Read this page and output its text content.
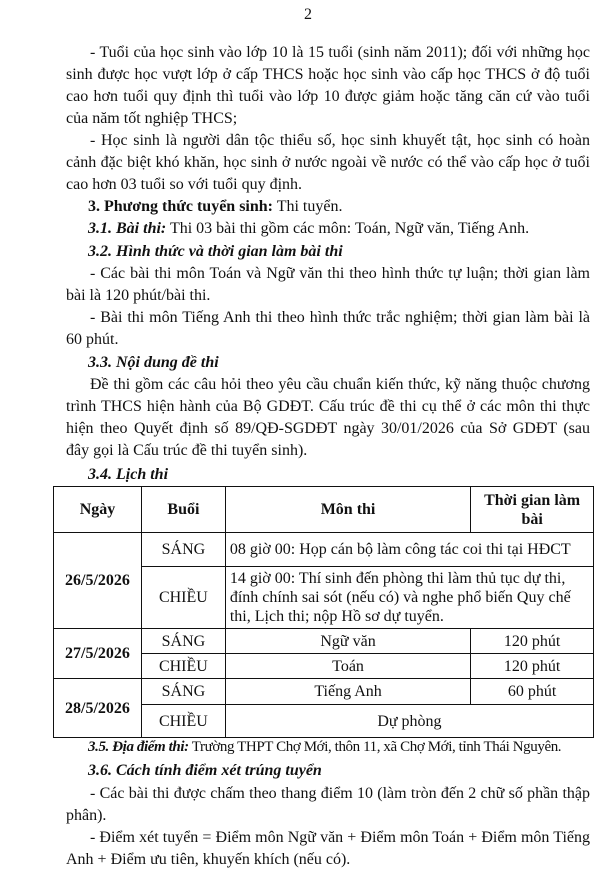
2

- Tuổi của học sinh vào lớp 10 là 15 tuổi (sinh năm 2011); đối với những học sinh được học vượt lớp ở cấp THCS hoặc học sinh vào cấp học THCS ở độ tuổi cao hơn tuổi quy định thì tuổi vào lớp 10 được giảm hoặc tăng căn cứ vào tuổi của năm tốt nghiệp THCS;

- Học sinh là người dân tộc thiểu số, học sinh khuyết tật, học sinh có hoàn cảnh đặc biệt khó khăn, học sinh ở nước ngoài về nước có thể vào cấp học ở tuổi cao hơn 03 tuổi so với tuổi quy định.

3. Phương thức tuyển sinh: Thi tuyển.

3.1. Bài thi: Thi 03 bài thi gồm các môn: Toán, Ngữ văn, Tiếng Anh.

3.2. Hình thức và thời gian làm bài thi

- Các bài thi môn Toán và Ngữ văn thi theo hình thức tự luận; thời gian làm bài là 120 phút/bài thi.

- Bài thi môn Tiếng Anh thi theo hình thức trắc nghiệm; thời gian làm bài là 60 phút.

3.3. Nội dung đề thi

Đề thi gồm các câu hỏi theo yêu cầu chuẩn kiến thức, kỹ năng thuộc chương trình THCS hiện hành của Bộ GDĐT. Cấu trúc đề thi cụ thể ở các môn thi thực hiện theo Quyết định số 89/QĐ-SGDĐT ngày 30/01/2026 của Sở GDĐT (sau đây gọi là Cấu trúc đề thi tuyển sinh).

3.4. Lịch thi

Ngày	Buổi	Môn thi	Thời gian làm bài
26/5/2026	SÁNG	08 giờ 00: Họp cán bộ làm công tác coi thi tại HĐCT	
	CHIỀU	14 giờ 00: Thí sinh đến phòng thi làm thủ tục dự thi, đính chính sai sót (nếu có) và nghe phổ biến Quy chế thi, Lịch thi; nộp Hồ sơ dự tuyển.	
27/5/2026	SÁNG	Ngữ văn	120 phút
	CHIỀU	Toán	120 phút
28/5/2026	SÁNG	Tiếng Anh	60 phút
	CHIỀU	Dự phòng	

3.5. Địa điểm thi: Trường THPT Chợ Mới, thôn 11, xã Chợ Mới, tỉnh Thái Nguyên.

3.6. Cách tính điểm xét trúng tuyển

- Các bài thi được chấm theo thang điểm 10 (làm tròn đến 2 chữ số phần thập phân).

- Điểm xét tuyển = Điểm môn Ngữ văn + Điểm môn Toán + Điểm môn Tiếng Anh + Điểm ưu tiên, khuyến khích (nếu có).
